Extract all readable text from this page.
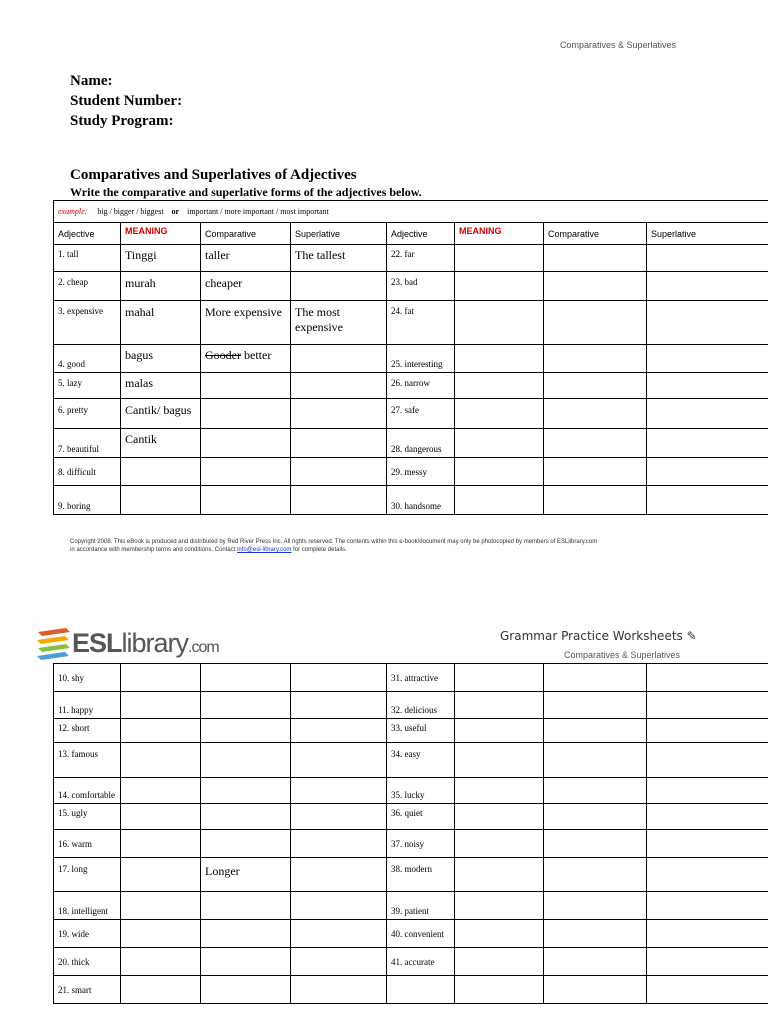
Comparatives & Superlatives
Name:
Student Number:
Study Program:
Comparatives and Superlatives of Adjectives
Write the comparative and superlative forms of the adjectives below.
example: big / bigger / biggest or important / more important / most important							
Adjective	MEANING	Comparative	Superlative	Adjective	MEANING	Comparative	Superlative
1. tall	Tinggi	taller	The tallest	22. far			
2. cheap	murah	cheaper		23. bad			
3. expensive	mahal	More expensive	The most expensive	24. fat			
4. good	bagus	Gooder better		25. interesting			
5. lazy	malas			26. narrow			
6. pretty	Cantik/ bagus			27. safe			
7. beautiful	Cantik			28. dangerous			
8. difficult				29. messy			
9. boring				30. handsome			
Copyright 2008. This eBook is produced and distributed by Red River Press Inc. All rights reserved. The contents within this e-book/document may only be photocopied by members of ESLlibrary.com
in accordance with membership terms and conditions. Contact info@esl-library.com for complete details.
ESLlibrary.com
Grammar Practice Worksheets ✎
Comparatives & Superlatives
10. shy				31. attractive			
11. happy				32. delicious			
12. short				33. useful			
13. famous				34. easy			
14. comfortable				35. lucky			
15. ugly				36. quiet			
16. warm				37. noisy			
17. long		Longer		38. modern			
18. intelligent				39. patient			
19. wide				40. convenient			
20. thick				41. accurate			
21. smart							
